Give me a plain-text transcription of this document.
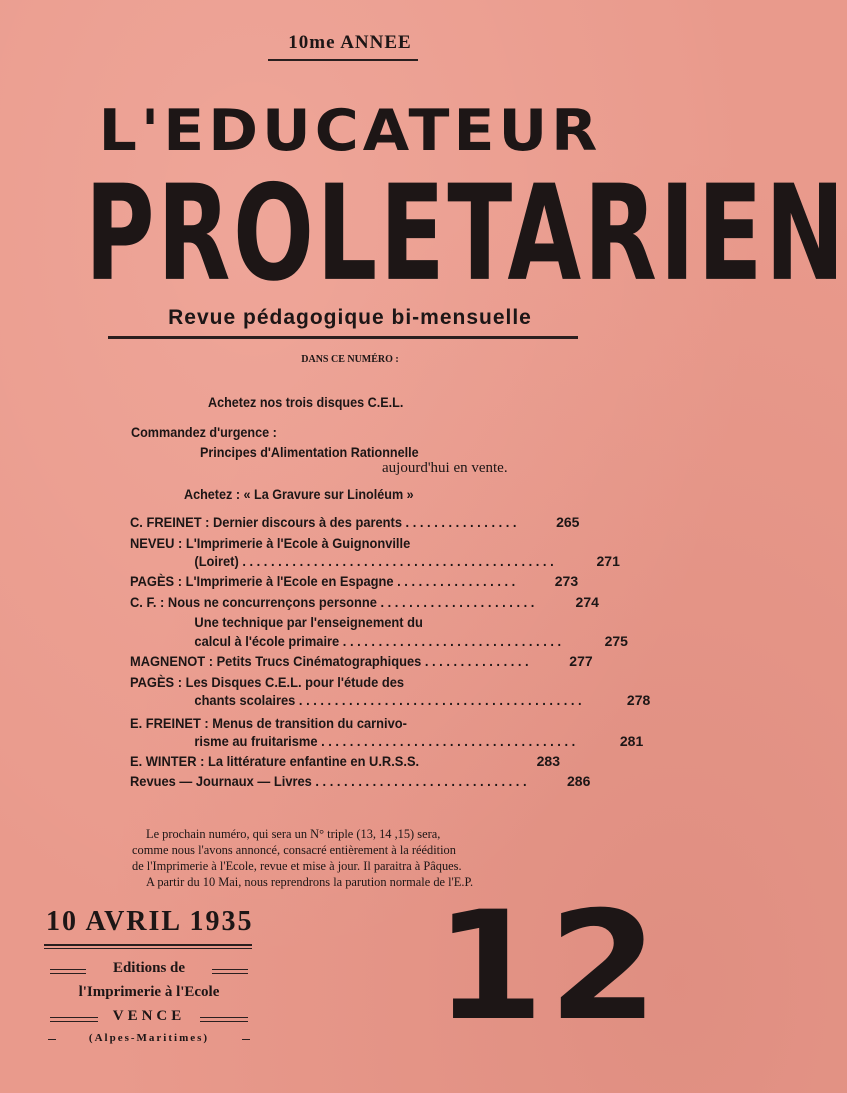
10me ANNEE
L'EDUCATEUR
PROLETARIEN
Revue pédagogique bi-mensuelle
DANS CE NUMÉRO :
Achetez nos trois disques C.E.L.
Commandez d'urgence :
Principes d'Alimentation Rationnelle
aujourd'hui en vente.
Achetez : « La Gravure sur Linoléum »
C. FREINET : Dernier discours à des parents . . . . . . . . . . . . . . . .	265
NEVEU : L'Imprimerie à l'Ecole à Guignonville
(Loiret) . . . . . . . . . . . . . . . . . . . . . . . . . . . . . . . . . . . . . . . . . . . .	271
PAGÈS : L'Imprimerie à l'Ecole en Espagne . . . . . . . . . . . . . . . . .	273
C. F. : Nous ne concurrençons personne . . . . . . . . . . . . . . . . . . . . . .	274
Une technique par l'enseignement du
calcul à l'école primaire . . . . . . . . . . . . . . . . . . . . . . . . . . . . . . .	275
MAGNENOT : Petits Trucs Cinématographiques . . . . . . . . . . . . . . .	277
PAGÈS : Les Disques C.E.L. pour l'étude des
chants scolaires . . . . . . . . . . . . . . . . . . . . . . . . . . . . . . . . . . . . . . . .	278
E. FREINET : Menus de transition du carnivo-
risme au fruitarisme . . . . . . . . . . . . . . . . . . . . . . . . . . . . . . . . . . . .	281
E. WINTER : La littérature enfantine en U.R.S.S.	283
Revues — Journaux — Livres . . . . . . . . . . . . . . . . . . . . . . . . . . . . . .	286

Le prochain numéro, qui sera un N° triple (13, 14 ,15) sera,

comme nous l'avons annoncé, consacré entièrement à la réédition

de l'Imprimerie à l'Ecole, revue et mise à jour. Il paraitra à Pâques.

A partir du 10 Mai, nous reprendrons la parution normale de l'E.P.

10 AVRIL 1935
Editions de
l'Imprimerie à l'Ecole
VENCE
(Alpes-Maritimes) 12
